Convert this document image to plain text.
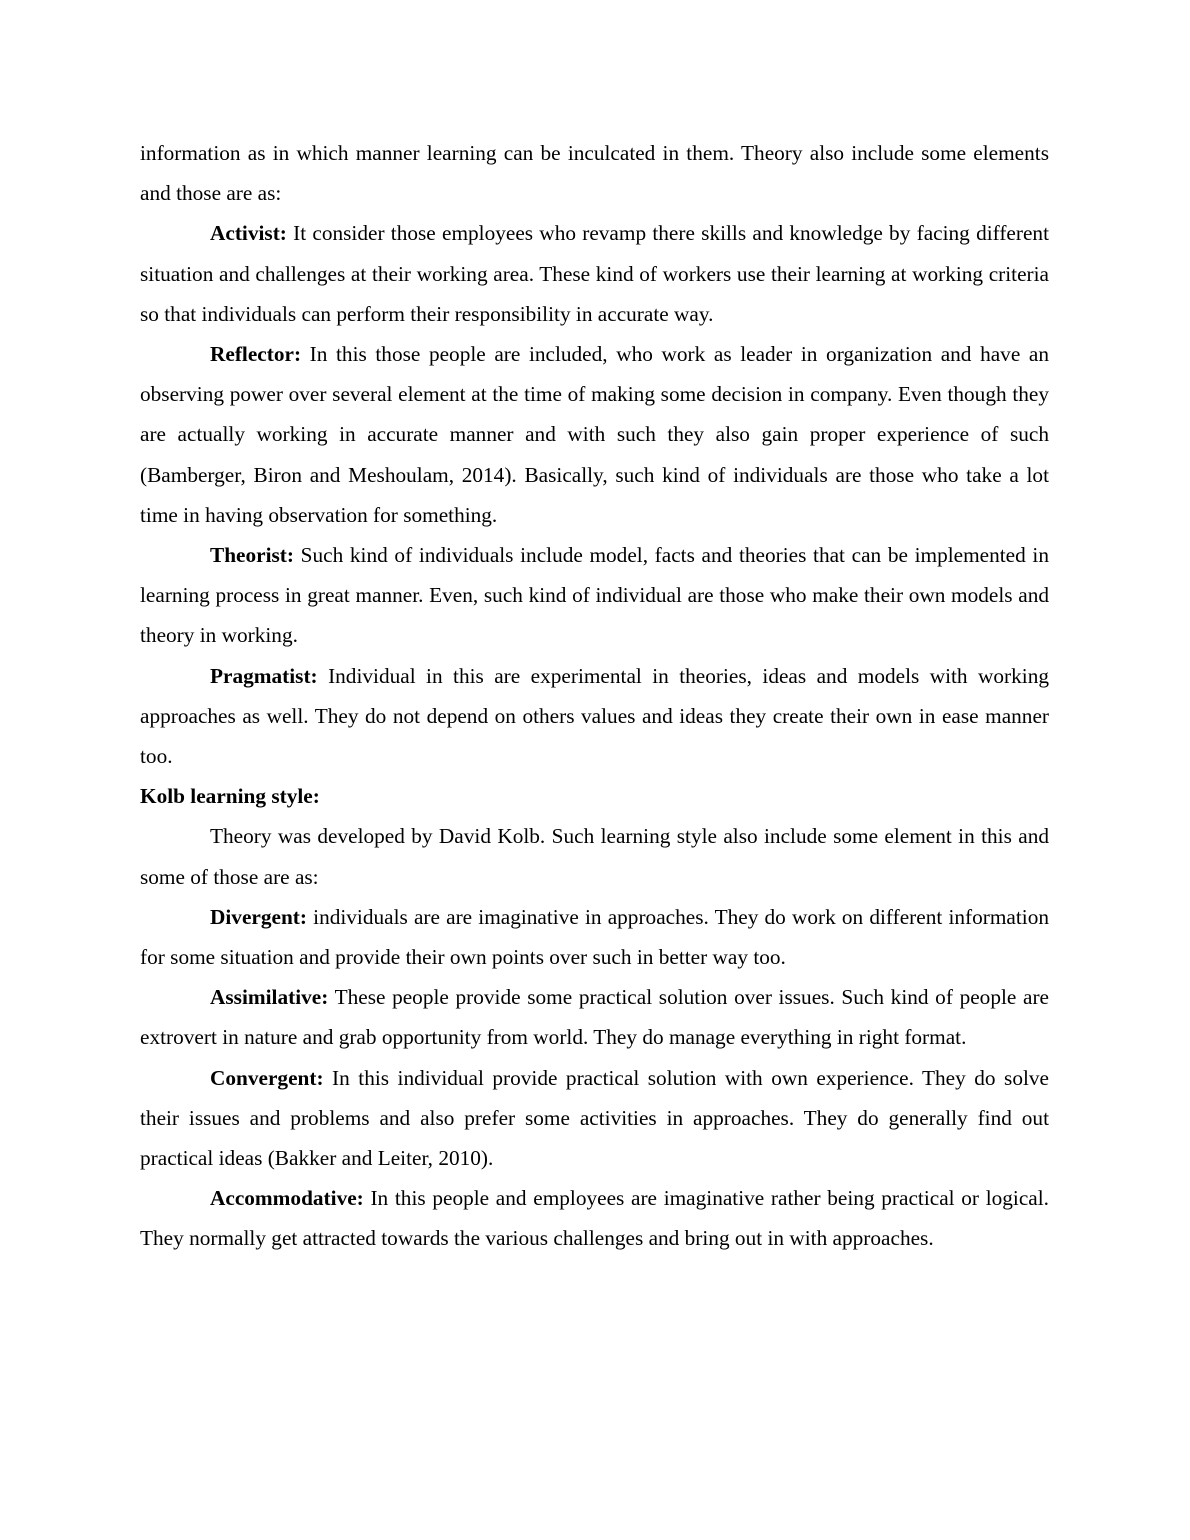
information as in which manner learning can be inculcated in them. Theory also include some elements and those are as:

Activist: It consider those employees who revamp there skills and knowledge by facing different situation and challenges at their working area. These kind of workers use their learning at working criteria so that individuals can perform their responsibility in accurate way.

Reflector: In this those people are included, who work as leader in organization and have an observing power over several element at the time of making some decision in company. Even though they are actually working in accurate manner and with such they also gain proper experience of such (Bamberger, Biron and Meshoulam, 2014). Basically, such kind of individuals are those who take a lot time in having observation for something.

Theorist: Such kind of individuals include model, facts and theories that can be implemented in learning process in great manner. Even, such kind of individual are those who make their own models and theory in working.

Pragmatist: Individual in this are experimental in theories, ideas and models with working approaches as well. They do not depend on others values and ideas they create their own in ease manner too.

Kolb learning style:

Theory was developed by David Kolb. Such learning style also include some element in this and some of those are as:

Divergent: individuals are are imaginative in approaches. They do work on different information for some situation and provide their own points over such in better way too.

Assimilative: These people provide some practical solution over issues. Such kind of people are extrovert in nature and grab opportunity from world. They do manage everything in right format.

Convergent: In this individual provide practical solution with own experience. They do solve their issues and problems and also prefer some activities in approaches. They do generally find out practical ideas (Bakker and Leiter, 2010).

Accommodative: In this people and employees are imaginative rather being practical or logical. They normally get attracted towards the various challenges and bring out in with approaches.
